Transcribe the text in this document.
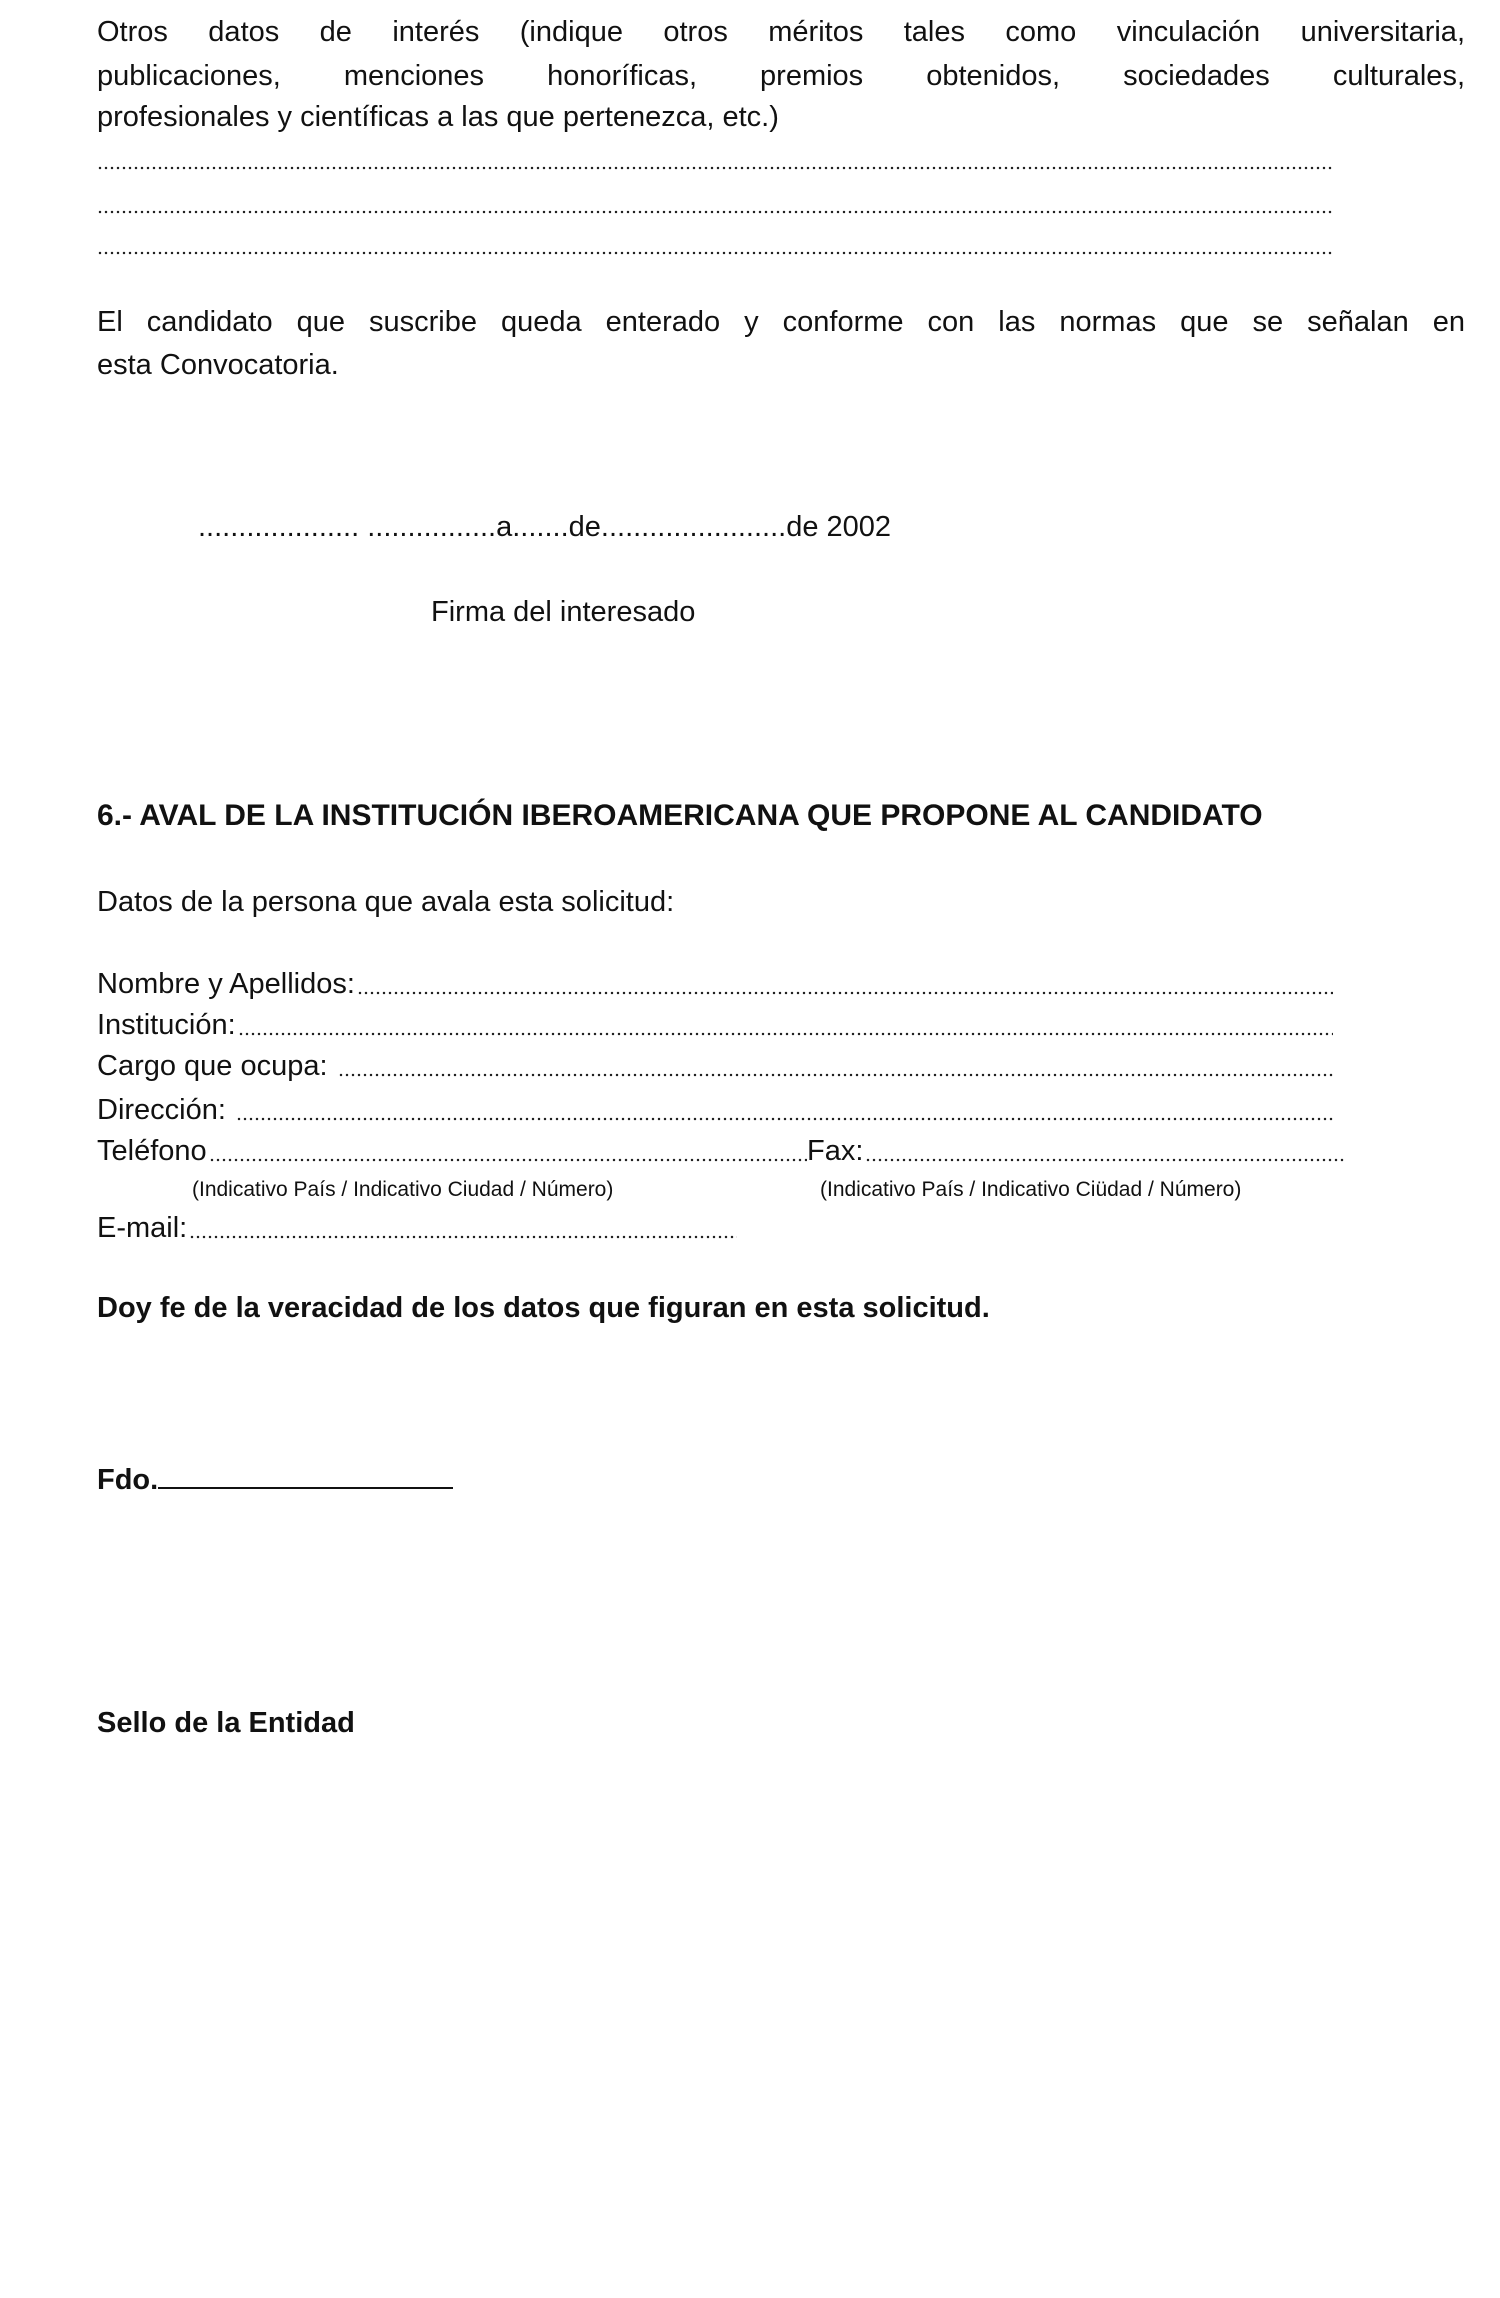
Otros datos de interés (indique otros méritos tales como vinculación universitaria,
publicaciones, menciones honoríficas, premios obtenidos, sociedades culturales,
profesionales y científicas a las que pertenezca, etc.)
El candidato que suscribe queda enterado y conforme con las normas que se señalan en
esta Convocatoria.
.................... ................a.......de.......................de 2002
Firma del interesado
6.- AVAL DE LA INSTITUCIÓN IBEROAMERICANA QUE PROPONE AL CANDIDATO
Datos de la persona que avala esta solicitud:
Nombre y Apellidos:
Institución:
Cargo que ocupa:
Dirección:
Teléfono	Fax:
(Indicativo País / Indicativo Ciudad / Número)	(Indicativo País / Indicativo Ciüdad / Número)
E-mail:
Doy fe de la veracidad de los datos que figuran en esta solicitud.
Fdo.
Sello de la Entidad
